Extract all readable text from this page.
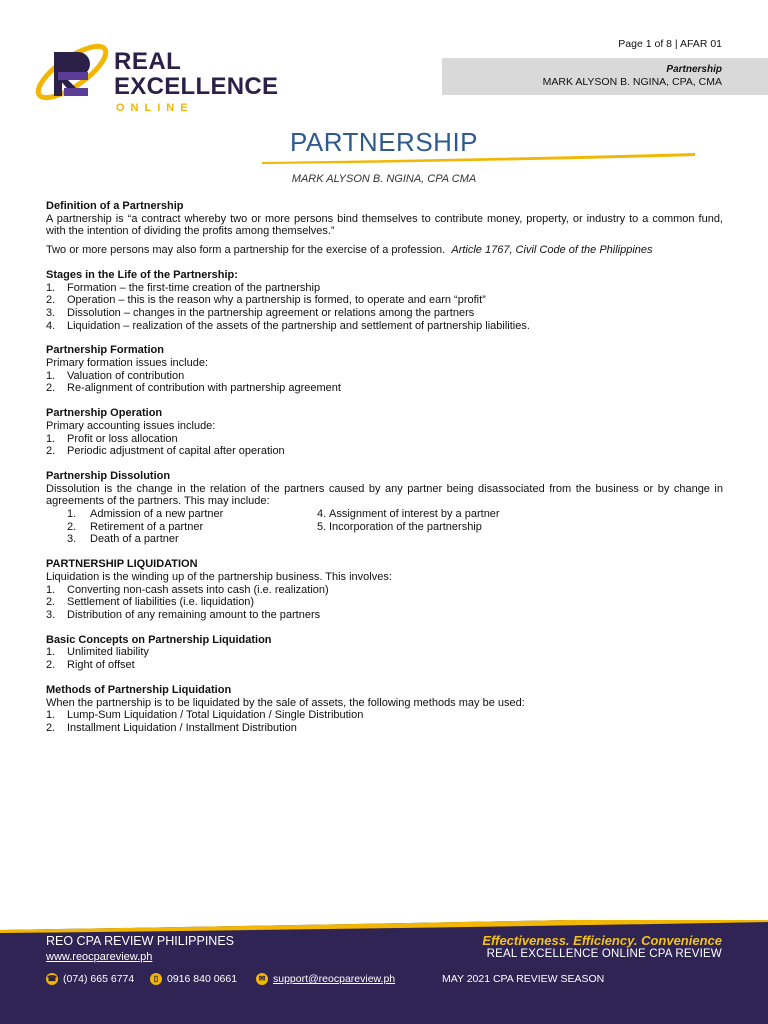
REAL
EXCELLENCE
ONLINE
Page 1 of 8 | AFAR 01
Partnership
MARK ALYSON B. NGINA, CPA, CMA
PARTNERSHIP
MARK ALYSON B. NGINA, CPA CMA
Definition of a Partnership
A partnership is “a contract whereby two or more persons bind themselves to contribute money, property, or industry to a common fund, with the intention of dividing the profits among themselves.”
Two or more persons may also form a partnership for the exercise of a profession. Article 1767, Civil Code of the Philippines
Stages in the Life of the Partnership:
1.	Formation – the first-time creation of the partnership
2.	Operation – this is the reason why a partnership is formed, to operate and earn “profit”
3.	Dissolution – changes in the partnership agreement or relations among the partners
4.	Liquidation – realization of the assets of the partnership and settlement of partnership liabilities.
Partnership Formation
Primary formation issues include:
1.	Valuation of contribution
2.	Re-alignment of contribution with partnership agreement
Partnership Operation
Primary accounting issues include:
1.	Profit or loss allocation
2.	Periodic adjustment of capital after operation
Partnership Dissolution
Dissolution is the change in the relation of the partners caused by any partner being disassociated from the business or by change in agreements of the partners. This may include:
1.	Admission of a new partner
2.	Retirement of a partner
3.	Death of a partner
4. Assignment of interest by a partner
5. Incorporation of the partnership
PARTNERSHIP LIQUIDATION
Liquidation is the winding up of the partnership business. This involves:
1.	Converting non-cash assets into cash (i.e. realization)
2.	Settlement of liabilities (i.e. liquidation)
3.	Distribution of any remaining amount to the partners
Basic Concepts on Partnership Liquidation
1.	Unlimited liability
2.	Right of offset
Methods of Partnership Liquidation
When the partnership is to be liquidated by the sale of assets, the following methods may be used:
1.	Lump-Sum Liquidation / Total Liquidation / Single Distribution
2.	Installment Liquidation / Installment Distribution
REO CPA REVIEW PHILIPPINES
www.reocpareview.ph
Effectiveness. Efficiency. Convenience
REAL EXCELLENCE ONLINE CPA REVIEW
☎ (074) 665 6774	▯ 0916 840 0661	✉ support@reocpareview.ph	MAY 2021 CPA REVIEW SEASON
